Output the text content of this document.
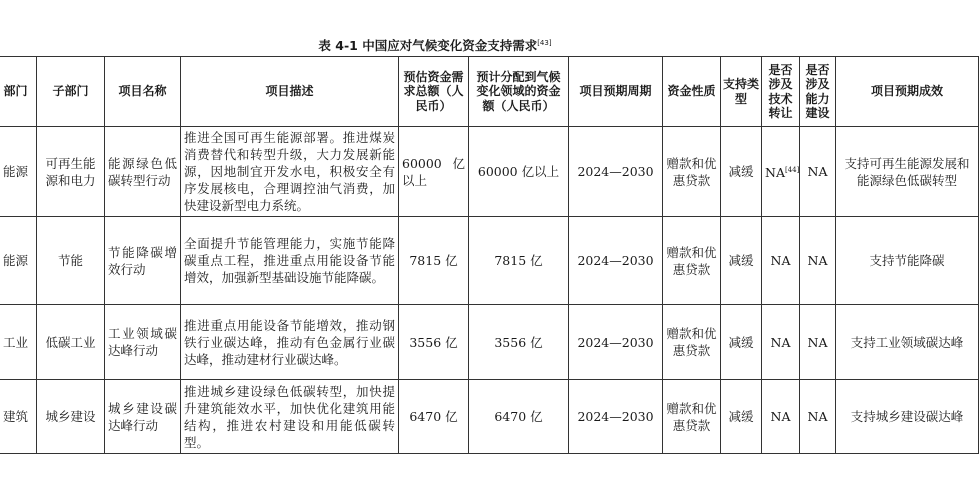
表 4-1 中国应对气候变化资金支持需求[43]
部门	子部门	项目名称	项目描述	预估资金需求总额（人民币）	预计分配到气候变化领域的资金额（人民币）	项目预期周期	资金性质	支持类型	是否涉及技术转让	是否涉及能力建设	项目预期成效
能源	可再生能源和电力	能源绿色低碳转型行动	推进全国可再生能源部署。推进煤炭消费替代和转型升级，大力发展新能源，因地制宜开发水电，积极安全有序发展核电，合理调控油气消费，加快建设新型电力系统。	60000 亿以上	60000 亿以上	2024—2030	赠款和优惠贷款	减缓	NA[44]	NA	支持可再生能源发展和能源绿色低碳转型
能源	节能	节能降碳增效行动	全面提升节能管理能力，实施节能降碳重点工程，推进重点用能设备节能增效，加强新型基础设施节能降碳。	7815 亿	7815 亿	2024—2030	赠款和优惠贷款	减缓	NA	NA	支持节能降碳
工业	低碳工业	工业领域碳达峰行动	推进重点用能设备节能增效，推动钢铁行业碳达峰，推动有色金属行业碳达峰，推动建材行业碳达峰。	3556 亿	3556 亿	2024—2030	赠款和优惠贷款	减缓	NA	NA	支持工业领域碳达峰
建筑	城乡建设	城乡建设碳达峰行动	推进城乡建设绿色低碳转型，加快提升建筑能效水平，加快优化建筑用能结构，推进农村建设和用能低碳转型。	6470 亿	6470 亿	2024—2030	赠款和优惠贷款	减缓	NA	NA	支持城乡建设碳达峰
